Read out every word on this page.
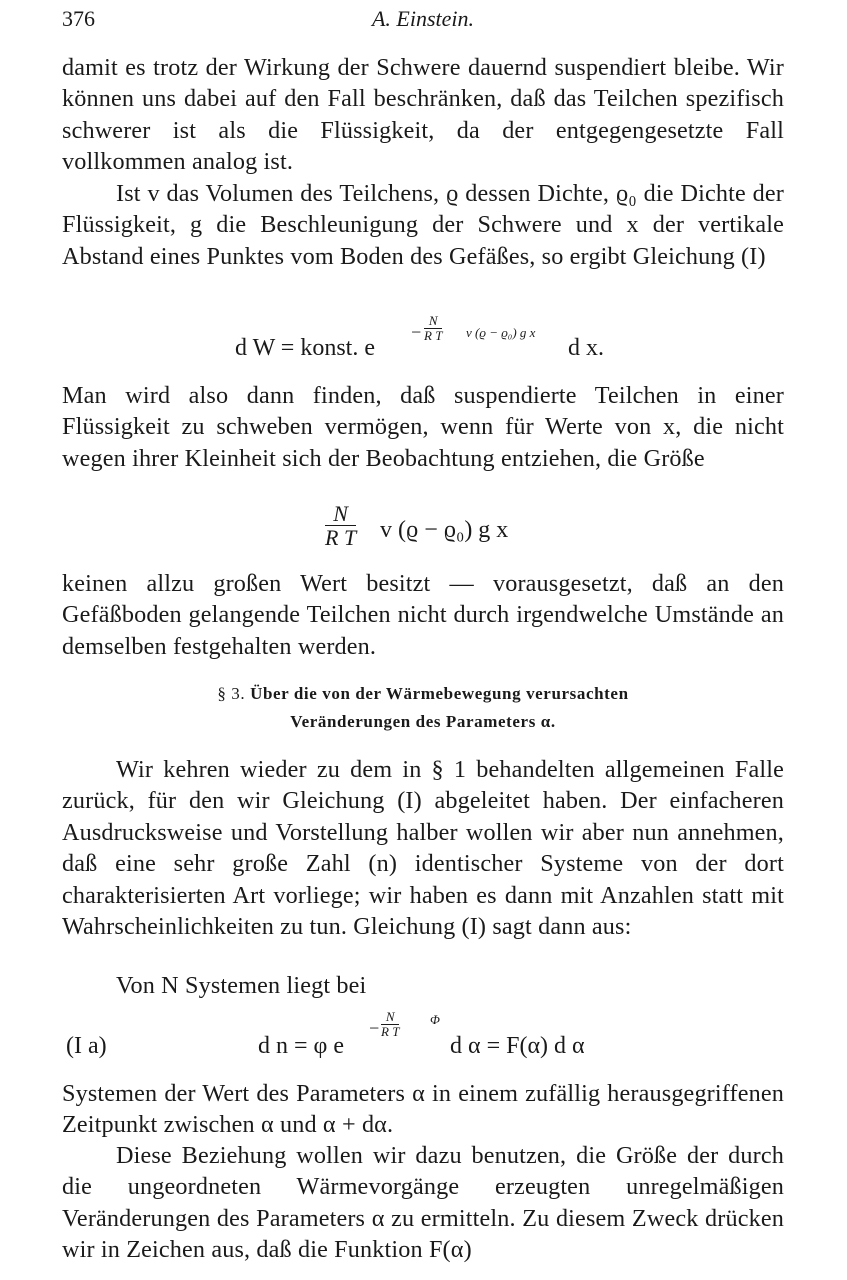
376	A. Einstein.

damit es trotz der Wirkung der Schwere dauernd suspendiert bleibe. Wir können uns dabei auf den Fall beschränken, daß das Teilchen spezifisch schwerer ist als die Flüssigkeit, da der entgegengesetzte Fall vollkommen analog ist.

Ist v das Volumen des Teilchens, ϱ dessen Dichte, ϱ₀ die Dichte der Flüssigkeit, g die Beschleunigung der Schwere und x der vertikale Abstand eines Punktes vom Boden des Gefäßes, so ergibt Gleichung (I)

d W = konst. e
− $\frac{N}{\text{R T}}$ v (ϱ − ϱ₀) g x
d x.

Man wird also dann finden, daß suspendierte Teilchen in einer Flüssigkeit zu schweben vermögen, wenn für Werte von x, die nicht wegen ihrer Kleinheit sich der Beobachtung entziehen, die Größe

$\frac{N}{\text{R T}}$ v (ϱ − ϱ₀) g x

keinen allzu großen Wert besitzt — vorausgesetzt, daß an den Gefäßboden gelangende Teilchen nicht durch irgendwelche Umstände an demselben festgehalten werden.

§ 3. Über die von der Wärmebewegung verursachten
Veränderungen des Parameters α.

Wir kehren wieder zu dem in § 1 behandelten allgemeinen Falle zurück, für den wir Gleichung (I) abgeleitet haben. Der einfacheren Ausdrucksweise und Vorstellung halber wollen wir aber nun annehmen, daß eine sehr große Zahl (n) identischer Systeme von der dort charakterisierten Art vorliege; wir haben es dann mit Anzahlen statt mit Wahrscheinlichkeiten zu tun. Gleichung (I) sagt dann aus:

Von N Systemen liegt bei

(I a)	d n = φ e
− $\frac{N}{\text{R T}}$ Φ
d α = F(α) d α

Systemen der Wert des Parameters α in einem zufällig herausgegriffenen Zeitpunkt zwischen α und α + dα.

Diese Beziehung wollen wir dazu benutzen, die Größe der durch die ungeordneten Wärmevorgänge erzeugten unregelmäßigen Veränderungen des Parameters α zu ermitteln. Zu diesem Zweck drücken wir in Zeichen aus, daß die Funktion F(α)
